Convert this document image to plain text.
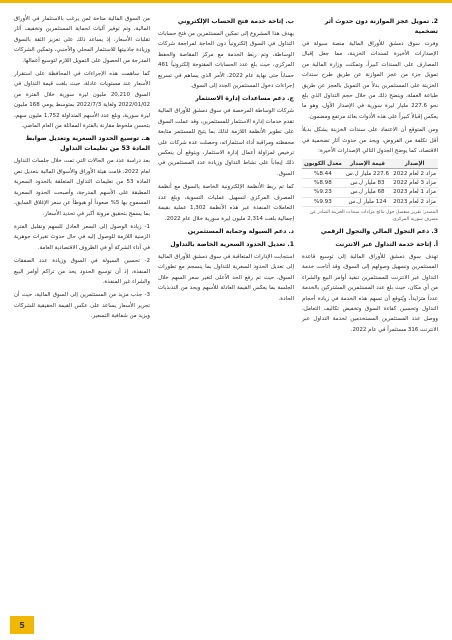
2. تمويل عجز الموازنة دون حدوث أثر تضخمية

وفرت سوق دمشق للأوراق المالية منصة سيولة في الإصدارات الأخيرة لسندات الخزينة، مما جعل إقبال المصارف على السندات كبيراً، وتمكنت وزارة المالية من تمويل جزء من عجز الموازنة عن طريق طرح سندات الخزينة على المستثمرين بدلاً من التمويل بالعجز عن طريق طباعة العملة، ويتضح ذلك من خلال حجم التداول الذي بلغ نحو 227.6 مليار ليرة سورية في الإصدار الأول، وهو ما يعكس إقبالاً كبيراً على هذه الأدوات بعائد مرتفع ومضمون.

ومن المتوقع أن الاعتماد على سندات الخزينة يشكل بديلاً أقل تكلفة من القروض، ويحد من حدوث آثار تضخمية في الاقتصاد، كما يوضح الجدول التالي الإصدارات الأخيرة:

الإصدار	قيمة الإصدار	معدل الكوبون
مزاد 2 لعام 2022	227.6 مليار ل.س	%8.44
مزاد 3 لعام 2022	83 مليار ل.س	%8.98
مزاد 1 لعام 2023	68 مليار ل.س	%9.23
مزاد 2 لعام 2023	124 مليار ل.س	%9.93
المصدر: تقرير منفصل حول نتائج مزادات سندات الخزينة الصادر عن مصرف سورية المركزي.
3. دعم التحول المالي والتحول الرقمي
أ. إتاحة خدمة التداول عبر الانترنت

تهدف سوق دمشق للأوراق المالية إلى توسيع قاعدة المستثمرين وتسهيل وصولهم إلى السوق، وقد أتاحت خدمة التداول عبر الانترنت للمستثمرين تنفيذ أوامر البيع والشراء من أي مكان، حيث بلغ عدد المستثمرين المشتركين بالخدمة عدداً متزايداً، ويُتوقع أن تسهم هذه الخدمة في زيادة أحجام التداول وتحسين كفاءة السوق وتخفيض تكاليف التعامل، ووصل عدد المستثمرين المستخدمين لخدمة التداول عبر الانترنت 316 مستثمراً في عام 2022.

ب. إتاحة خدمة فتح الحساب الإلكتروني

يهدف هذا المشروع إلى تمكين المستثمرين من فتح حسابات التداول في السوق إلكترونياً دون الحاجة لمراجعة شركات الوساطة، وتم ربط الخدمة مع مركز المقاصة والحفظ المركزي، حيث بلغ عدد الحسابات المفتوحة إلكترونياً 461 حساباً حتى نهاية عام 2022، الأمر الذي يساهم في تسريع إجراءات دخول المستثمرين الجدد إلى السوق.

ج. دعم مساعدات إدارة الاستثمار

شركات الوساطة المرخصة في سوق دمشق للأوراق المالية تقدم خدمات إدارة الاستثمار للمستثمرين، وقد عملت السوق على تطوير الأنظمة اللازمة لذلك بما يتيح للمستثمر متابعة محفظته ومراقبة أداء استثماراته، وحصلت عدة شركات على ترخيص لمزاولة أعمال إدارة الاستثمار، ويتوقع أن ينعكس ذلك إيجاباً على نشاط التداول وزيادة عدد المستثمرين في السوق.

كما تم ربط الأنظمة الإلكترونية الخاصة بالسوق مع أنظمة المصرف المركزي لتسهيل عمليات التسوية، وبلغ عدد التعاملات المنفذة عبر هذه الأنظمة 1,302 عملية بقيمة إجمالية بلغت 2,314 مليون ليرة سورية خلال عام 2022.

د. دعم السيولة وحماية المستثمرين
1. تعديل الحدود السعرية الخاصة بالتداول

استجابت الإدارات المتعاقبة في سوق دمشق للأوراق المالية إلى تعديل الحدود السعرية للتداول بما ينسجم مع تطورات السوق، حيث تم رفع الحد الأعلى لتغير سعر السهم خلال الجلسة بما يعكس القيمة العادلة للأسهم ويحد من التذبذبات الحادة.

من السوق المالية متاحة لمن يرغب بالاستثمار في الأوراق المالية، وتم توفير آليات لحماية المستثمرين وتخفيف آثار تقلبات الأسعار، إذ يساعد ذلك على تعزيز الثقة بالسوق وزيادة جاذبيتها للاستثمار المحلي والأجنبي، وتمكين الشركات المدرجة من الحصول على التمويل اللازم لتوسيع أعمالها.

كما ساهمت هذه الإجراءات في المحافظة على استقرار الأسعار عند مستويات عادلة، حيث بلغت قيمة التداول في السوق 20,210 مليون ليرة سورية خلال الفترة من 2022/01/02 ولغاية 2022/7/3 بمتوسط يومي 168 مليون ليرة سورية، وبلغ عدد الأسهم المتداولة 1,752 مليون سهم، بتحسن ملحوظ مقارنة بالفترة المماثلة من العام الماضي.

هـ. توسيع الحدود السعرية وتعديل ضوابط المادة 53 من تعليمات التداول

بعد دراسة عدد من الحالات التي تمت خلال جلسات التداول لعام 2022، قامت هيئة الأوراق والأسواق المالية بتعديل نص المادة 53 من تعليمات التداول المتعلقة بالحدود السعرية المطبقة على الأسهم المدرجة، وأصبحت الحدود السعرية المسموح بها 5% صعوداً أو هبوطاً عن سعر الإغلاق السابق، بما يسمح بتحقيق مرونة أكبر في تحديد الأسعار.

1- زيادة الوصول إلى السعر العادل للسهم وتقليل الفترة الزمنية اللازمة للوصول إليه في حال حدوث تغيرات جوهرية في أداء الشركة أو في الظروف الاقتصادية العامة.

2- تحسين السيولة في السوق وزيادة عدد الصفقات المنفذة، إذ أن توسيع الحدود يحد من تراكم أوامر البيع والشراء غير المنفذة.

3- جذب مزيد من المستثمرين إلى السوق المالية، حيث أن تحرير الأسعار يساعد على عكس القيمة الحقيقية للشركات ويزيد من شفافية التسعير.

5
